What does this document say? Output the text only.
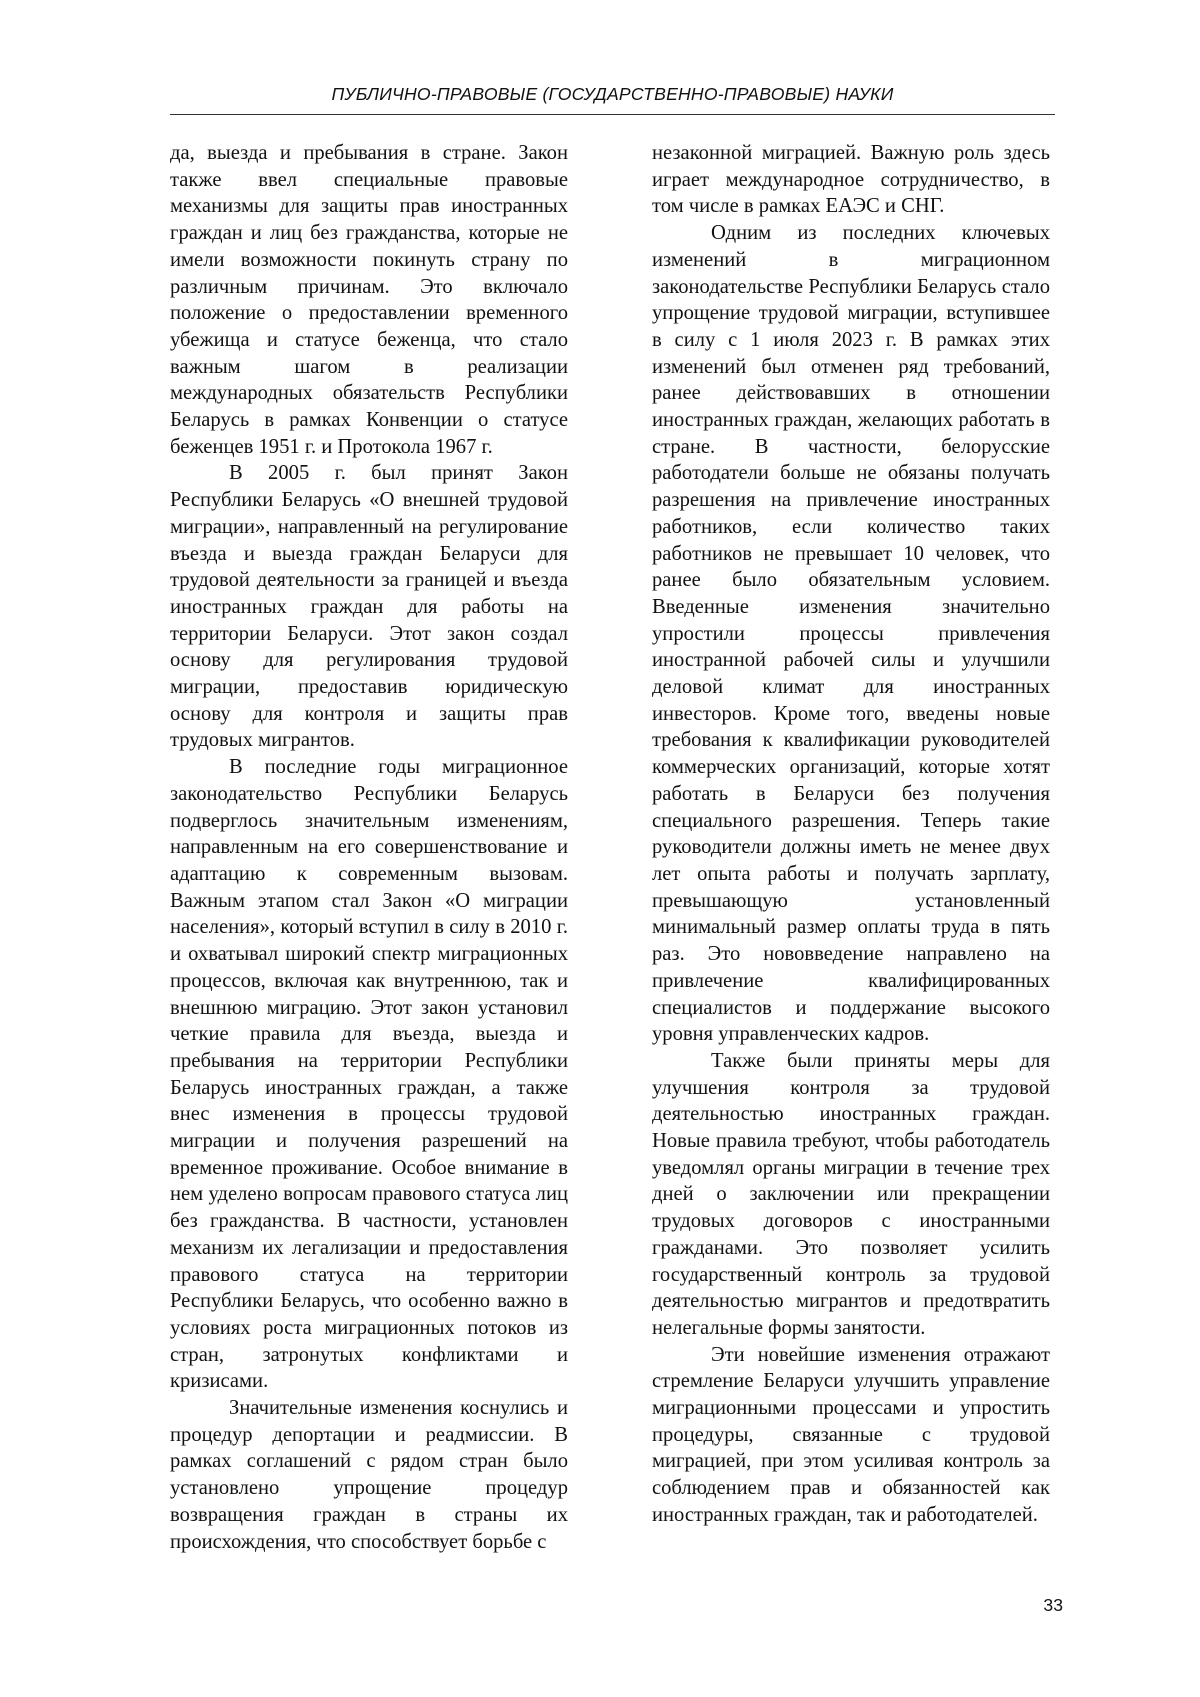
ПУБЛИЧНО-ПРАВОВЫЕ (ГОСУДАРСТВЕННО-ПРАВОВЫЕ) НАУКИ

да, выезда и пребывания в стране. Закон также ввел специальные правовые механизмы для защиты прав иностранных граждан и лиц без гражданства, которые не имели возможности покинуть страну по различным причинам. Это включало положение о предоставлении временного убежища и статусе беженца, что стало важным шагом в реализации международных обязательств Республики Беларусь в рамках Конвенции о статусе беженцев 1951 г. и Протокола 1967 г.

В 2005 г. был принят Закон Республики Беларусь «О внешней трудовой миграции», направленный на регулирование въезда и выезда граждан Беларуси для трудовой деятельности за границей и въезда иностранных граждан для работы на территории Беларуси. Этот закон создал основу для регулирования трудовой миграции, предоставив юридическую основу для контроля и защиты прав трудовых мигрантов.

В последние годы миграционное законодательство Республики Беларусь подверглось значительным изменениям, направленным на его совершенствование и адаптацию к современным вызовам. Важным этапом стал Закон «О миграции населения», который вступил в силу в 2010 г. и охватывал широкий спектр миграционных процессов, включая как внутреннюю, так и внешнюю миграцию. Этот закон установил четкие правила для въезда, выезда и пребывания на территории Республики Беларусь иностранных граждан, а также внес изменения в процессы трудовой миграции и получения разрешений на временное проживание. Особое внимание в нем уделено вопросам правового статуса лиц без гражданства. В частности, установлен механизм их легализации и предоставления правового статуса на территории Республики Беларусь, что особенно важно в условиях роста миграционных потоков из стран, затронутых конфликтами и кризисами.

Значительные изменения коснулись и процедур депортации и реадмиссии. В рамках соглашений с рядом стран было установлено упрощение процедур возвращения граждан в страны их происхождения, что способствует борьбе с

незаконной миграцией. Важную роль здесь играет международное сотрудничество, в том числе в рамках ЕАЭС и СНГ.

Одним из последних ключевых изменений в миграционном законодательстве Республики Беларусь стало упрощение трудовой миграции, вступившее в силу с 1 июля 2023 г. В рамках этих изменений был отменен ряд требований, ранее действовавших в отношении иностранных граждан, желающих работать в стране. В частности, белорусские работодатели больше не обязаны получать разрешения на привлечение иностранных работников, если количество таких работников не превышает 10 человек, что ранее было обязательным условием. Введенные изменения значительно упростили процессы привлечения иностранной рабочей силы и улучшили деловой климат для иностранных инвесторов. Кроме того, введены новые требования к квалификации руководителей коммерческих организаций, которые хотят работать в Беларуси без получения специального разрешения. Теперь такие руководители должны иметь не менее двух лет опыта работы и получать зарплату, превышающую установленный минимальный размер оплаты труда в пять раз. Это нововведение направлено на привлечение квалифицированных специалистов и поддержание высокого уровня управленческих кадров.

Также были приняты меры для улучшения контроля за трудовой деятельностью иностранных граждан. Новые правила требуют, чтобы работодатель уведомлял органы миграции в течение трех дней о заключении или прекращении трудовых договоров с иностранными гражданами. Это позволяет усилить государственный контроль за трудовой деятельностью мигрантов и предотвратить нелегальные формы занятости.

Эти новейшие изменения отражают стремление Беларуси улучшить управление миграционными процессами и упростить процедуры, связанные с трудовой миграцией, при этом усиливая контроль за соблюдением прав и обязанностей как иностранных граждан, так и работодателей.

33
